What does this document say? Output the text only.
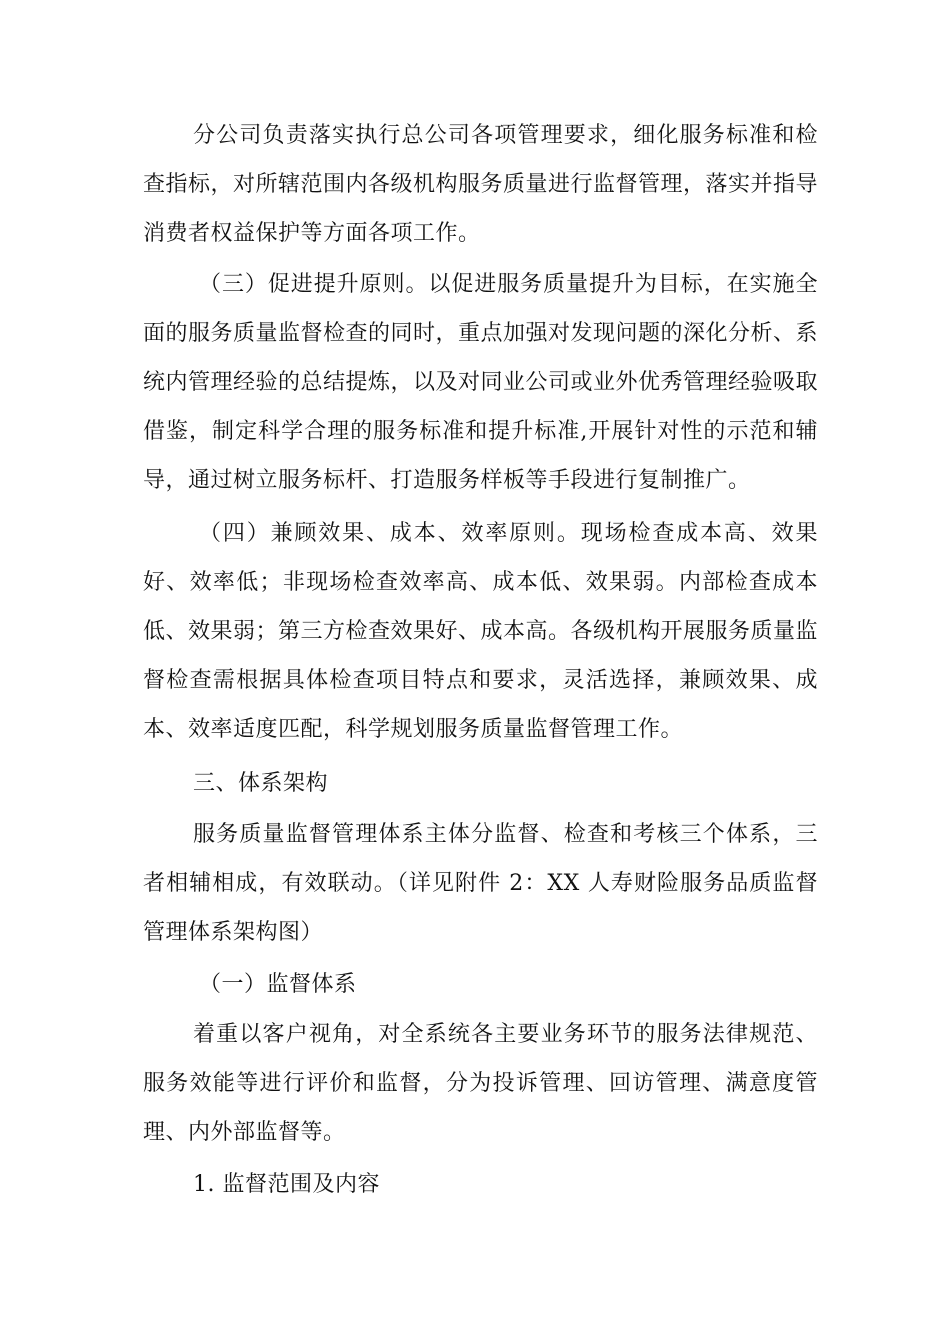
分公司负责落实执行总公司各项管理要求，细化服务标准和检查指标，对所辖范围内各级机构服务质量进行监督管理，落实并指导消费者权益保护等方面各项工作。

（三）促进提升原则。以促进服务质量提升为目标，在实施全面的服务质量监督检查的同时，重点加强对发现问题的深化分析、系统内管理经验的总结提炼，以及对同业公司或业外优秀管理经验吸取借鉴，制定科学合理的服务标准和提升标准,开展针对性的示范和辅导，通过树立服务标杆、打造服务样板等手段进行复制推广。

（四）兼顾效果、成本、效率原则。现场检查成本高、效果好、效率低；非现场检查效率高、成本低、效果弱。内部检查成本低、效果弱；第三方检查效果好、成本高。各级机构开展服务质量监督检查需根据具体检查项目特点和要求，灵活选择，兼顾效果、成本、效率适度匹配，科学规划服务质量监督管理工作。

三、体系架构

服务质量监督管理体系主体分监督、检查和考核三个体系，三者相辅相成，有效联动。（详见附件 2：XX 人寿财险服务品质监督管理体系架构图）

（一）监督体系

着重以客户视角，对全系统各主要业务环节的服务法律规范、服务效能等进行评价和监督，分为投诉管理、回访管理、满意度管理、内外部监督等。

1. 监督范围及内容
